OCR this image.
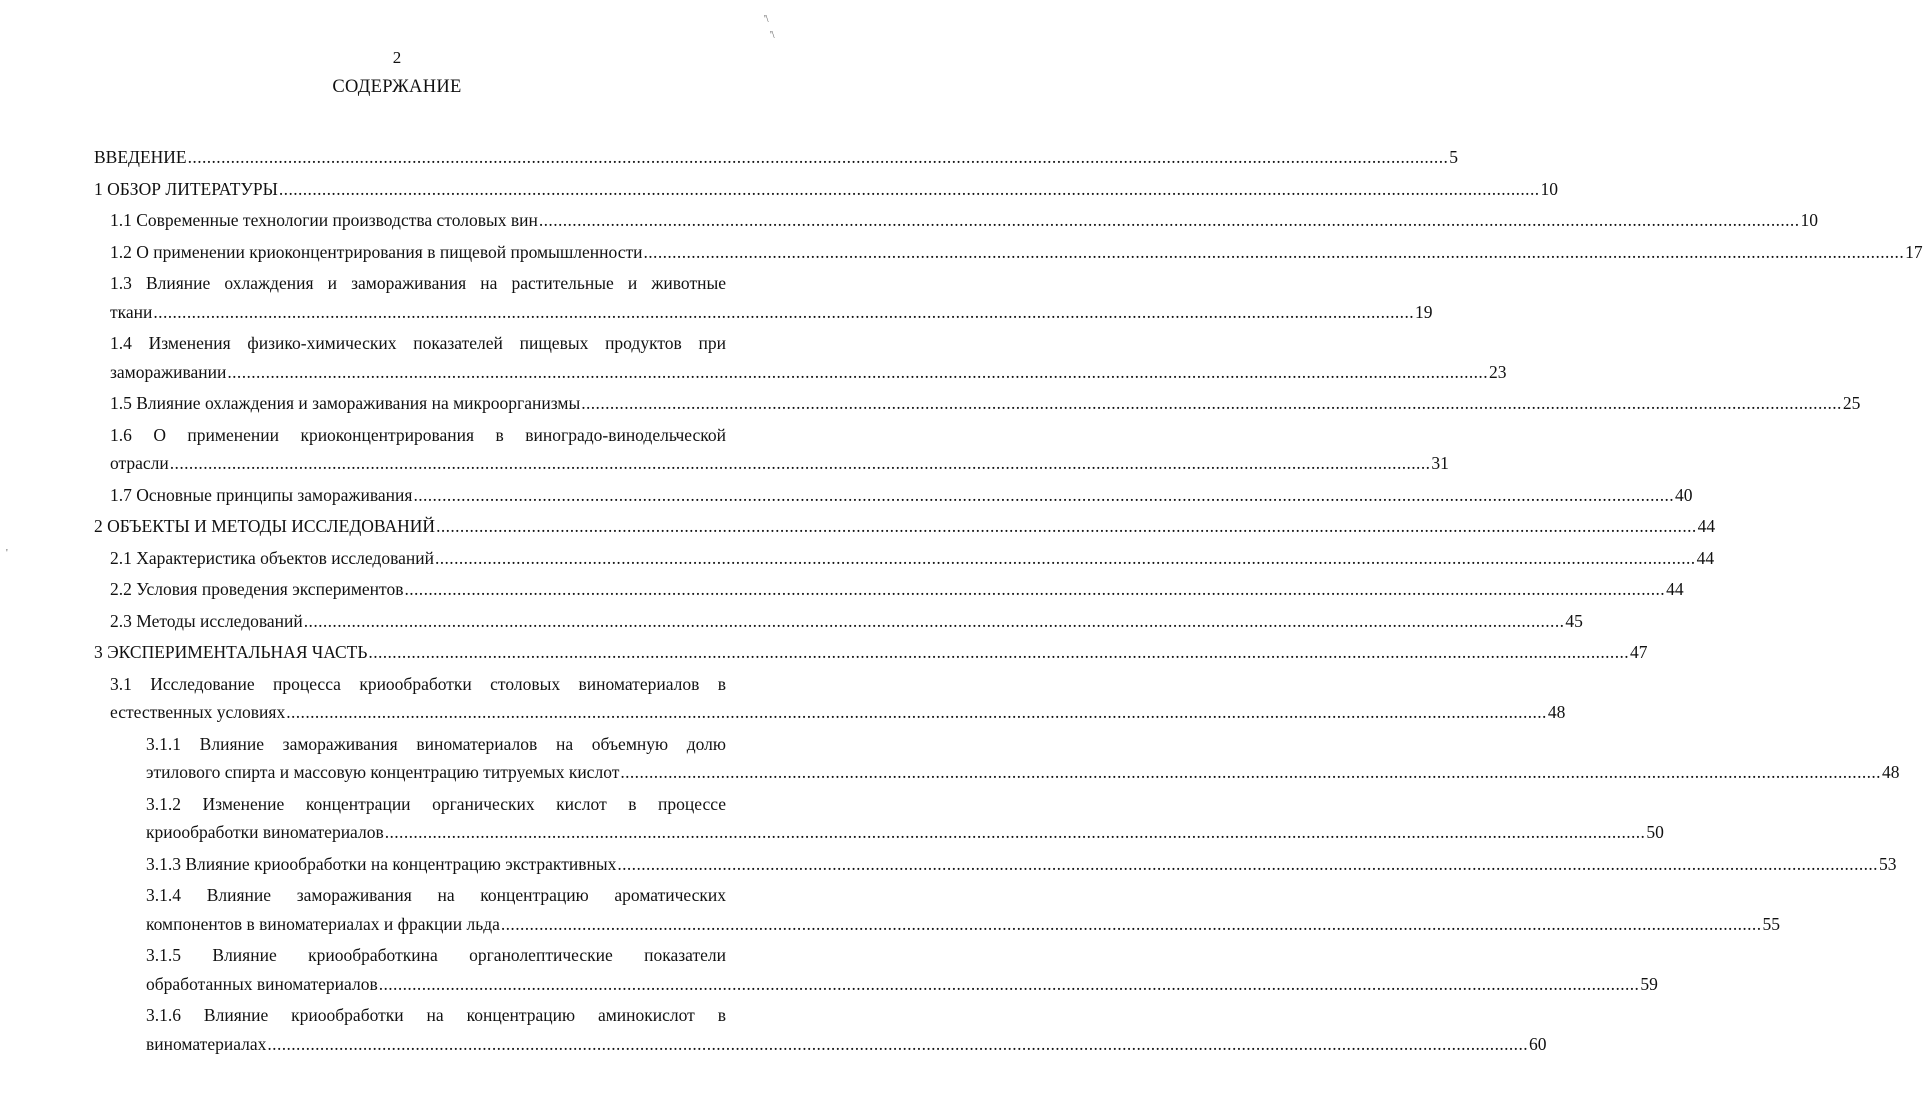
2
СОДЕРЖАНИЕ
ВВЕДЕНИЕ .....	5
1 ОБЗОР ЛИТЕРАТУРЫ .....	10
1.1 Современные технологии производства столовых вин .....	10
1.2 О применении криоконцентрирования в пищевой промышленности .....	17
1.3 Влияние охлаждения и замораживания на растительные и животные
ткани .....	19
1.4 Изменения физико-химических показателей пищевых продуктов при
замораживании .....	23
1.5 Влияние охлаждения и замораживания на микроорганизмы .....	25
1.6 О применении криоконцентрирования в виноградо-винодельческой
отрасли .....	31
1.7 Основные принципы замораживания .....	40
2 ОБЪЕКТЫ И МЕТОДЫ ИССЛЕДОВАНИЙ .....	44
2.1 Характеристика объектов исследований .....	44
2.2 Условия проведения экспериментов .....	44
2.3 Методы исследований .....	45
3 ЭКСПЕРИМЕНТАЛЬНАЯ ЧАСТЬ .....	47
3.1 Исследование процесса криообработки столовых виноматериалов в
естественных условиях .....	48
3.1.1 Влияние замораживания виноматериалов на объемную долю
этилового спирта и массовую концентрацию титруемых кислот .....	48
3.1.2 Изменение концентрации органических кислот в процессе
криообработки виноматериалов .....	50
3.1.3 Влияние криообработки на концентрацию экстрактивных .....	53
3.1.4 Влияние замораживания на концентрацию ароматических
компонентов в виноматериалах и фракции льда .....	55
3.1.5 Влияние криообработкина органолептические показатели
обработанных виноматериалов .....	59
3.1.6 Влияние криообработки на концентрацию аминокислот в
виноматериалах .....	60
'\
'\
'
